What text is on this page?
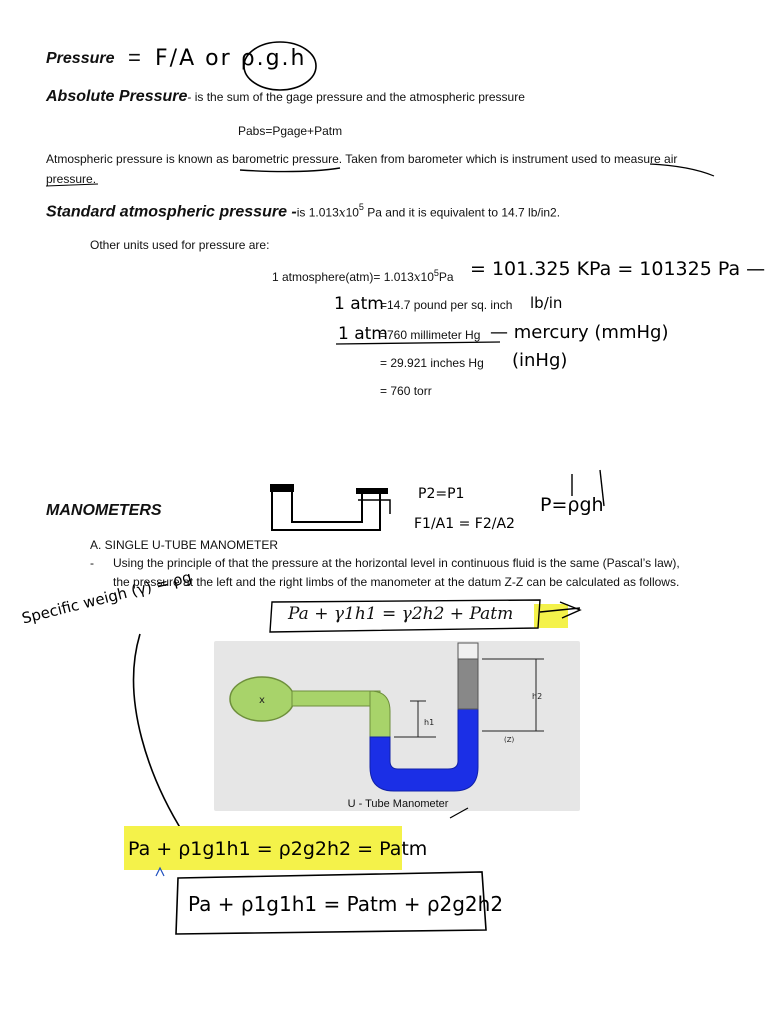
Pressure = F/A or ρ.g.h
Absolute Pressure- is the sum of the gage pressure and the atmospheric pressure
Pabs=Pgage+Patm
Atmospheric pressure is known as barometric pressure. Taken from barometer which is instrument used to measure air
pressure.
Standard atmospheric pressure -is $1.013x10^5$ Pa and it is equivalent to 14.7 lb/in2.
Other units used for pressure are:
1 atmosphere(atm)= $1.013x10^5Pa = 101.325$ KPa = 101325 Pa —
1 atm
=14.7 pound per sq. inch lb/in
1 atm
=760 millimeter Hg — mercury (mmHg)
= 29.921 inches Hg (inHg)
= 760 torr
MANOMETERS
P2=P1
F1/A1 = F2/A2
P=ρgh
A. SINGLE U-TUBE MANOMETER
- Using the principle of that the pressure at the horizontal level in continuous fluid is the same (Pascal’s law),
the pressure at the left and the right limbs of the manometer at the datum Z-Z can be calculated as follows.
Pa + γ1h1 = γ2h2 + Patm
Specific weigh (γ) = ρg
x
h1
h2
(Z)
U - Tube Manometer
Pa + ρ1g1h1 = ρ2g2h2 = Patm
Pa + ρ1g1h1 = Patm + ρ2g2h2
